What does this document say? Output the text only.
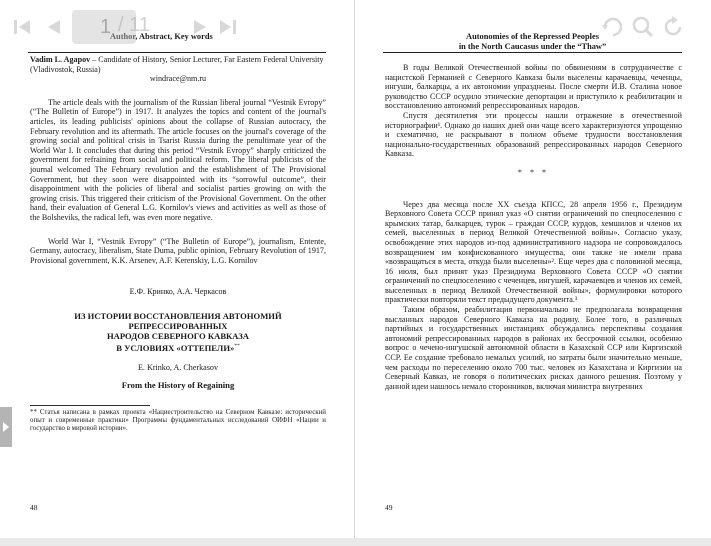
Author, Abstract, Key words
Vadim L. Agapov – Candidate of History, Senior Lecturer, Far Eastern Federal University (Vladivostok, Russia)
windrace@nm.ru
The article deals with the journalism of the Russian liberal journal “Vestnik Evropy” (“The Bulletin of Europe”) in 1917. It analyzes the topics and content of the journal's articles, its leading publicists' opinions about the collapse of Russian autocracy, the February revolution and its aftermath. The article focuses on the journal's coverage of the growing social and political crisis in Tsarist Russia during the penultimate year of the World War I. It concludes that during this period “Vestnik Evropy” sharply criticized the government for refraining from social and political reform. The liberal publicists of the journal welcomed The February revolution and the establishment of The Provisional Government, but they soon were disappointed with its “sorrowful outcome”, their disappointment with the policies of liberal and socialist parties growing on with the growing crisis. This triggered their criticism of the Provisional Government. On the other hand, their evaluation of General L.G. Kornilov's views and activities as well as those of the Bolsheviks, the radical left, was even more negative.
World War I, “Vestnik Evropy” (“The Bulletin of Europe”), journalism, Entente, Germany, autocracy, liberalism, State Duma, public opinion, February Revolution of 1917, Provisional government, K.K. Arsenev, A.F. Kerenskiy, L.G. Kornilov
Е.Ф. Кринко, А.А. Черкасов
ИЗ ИСТОРИИ ВОССТАНОВЛЕНИЯ АВТОНОМИЙ
РЕПРЕССИРОВАННЫХ
НАРОДОВ СЕВЕРНОГО КАВКАЗА
В УСЛОВИЯХ «ОТТЕПЕЛИ»**
E. Krinko, A. Cherkasov
From the History of Regaining
** Статья написана в рамках проекта «Нациестроительство на Северном Кавказе: исторический опыт и современные практики» Программы фундаментальных исследований ОИФН «Нации и государство в мировой истории».
48
Autonomies of the Repressed Peoples
in the North Caucasus under the “Thaw”
В годы Великой Отечественной войны по обвинениям в сотрудничестве с нацистской Германией с Северного Кавказа были выселены карачаевцы, чеченцы, ингуши, балкарцы, а их автономии упразднены. После смерти И.В. Сталина новое руководство СССР осудило этнические депортации и приступило к реабилитации и восстановлению автономий репрессированных народов.
Спустя десятилетия эти процессы нашли отражение в отечественной историографии¹. Однако до наших дней они чаще всего характеризуются упрощенно и схематично, не раскрывают в полном объеме трудности восстановления национально-государственных образований репрессированных народов Северного Кавказа.
* * *
Через два месяца после XX съезда КПСС, 28 апреля 1956 г., Президиум Верховного Совета СССР принял указ «О снятии ограничений по спецпоселению с крымских татар, балкарцев, турок – граждан СССР, курдов, хемшилов и членов их семей, выселенных в период Великой Отечественной войны». Согласно указу, освобождение этих народов из-под административного надзора не сопровождалось возвращением им конфискованного имущества, они также не имели права «возвращаться в места, откуда были выселены»². Еще через два с половиной месяца, 16 июля, был принят указ Президиума Верховного Совета СССР «О снятии ограничений по спецпоселению с чеченцев, ингушей, карачаевцев и членов их семей, выселенных в период Великой Отечественной войны», формулировки которого практически повторяли текст предыдущего документа.³
Таким образом, реабилитация первоначально не предполагала возвращения высланных народов Северного Кавказа на родину. Более того, в различных партийных и государственных инстанциях обсуждались перспективы создания автономий репрессированных народов в районах их бессрочной ссылки, особенно вопрос о чечено-ингушской автономной области в Казахской ССР или Киргизской ССР. Ее создание требовало немалых усилий, но затраты были значительно меньше, чем расходы по переселению около 700 тыс. человек из Казахстана и Киргизии на Северный Кавказ, не говоря о политических рисках данного решения. Поэтому у данной идеи нашлось немало сторонников, включая министра внутренних
49
1 / 11
